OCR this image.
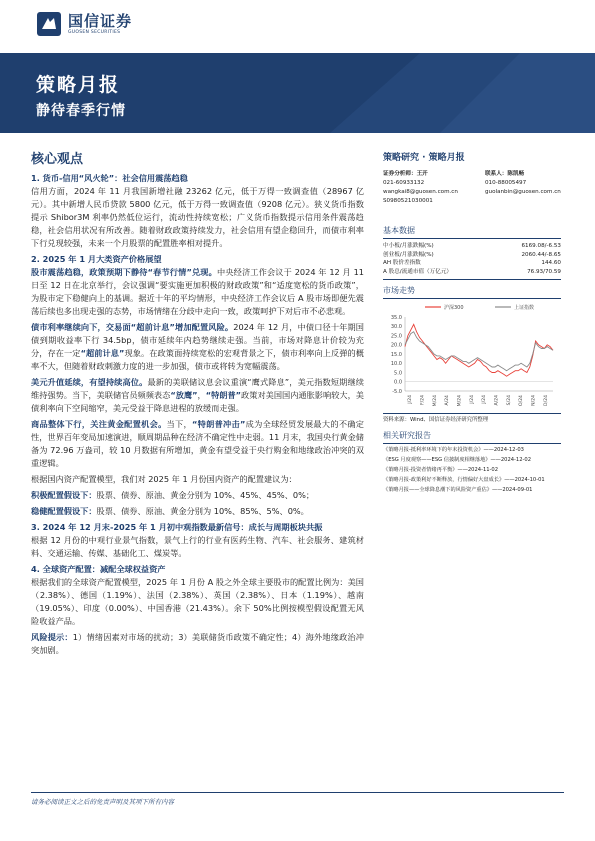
国信证券
GUOSEN SECURITIES
策略月报
静待春季行情
核心观点
1. 货币-信用“风火轮”：社会信用震荡趋稳

信用方面，2024 年 11 月我国新增社融 23262 亿元，低于万得一致调查值（28967 亿元）。其中新增人民币贷款 5800 亿元，低于万得一致调查值（9208 亿元）。狭义货币指数提示 Shibor3M 利率仍然低位运行，流动性持续宽松；广义货币指数提示信用条件震荡趋稳，社会信用状况有所改善。随着财政政策持续发力，社会信用有望企稳回升，而债市利率下行兑现较强，未来一个月股票的配置胜率相对提升。

2. 2025 年 1 月大类资产价格展望

股市震荡趋稳，政策预期下静待“春节行情”兑现。中央经济工作会议于 2024 年 12 月 11 日至 12 日在北京举行，会议强调“要实施更加积极的财政政策”和“适度宽松的货币政策”，为股市定下稳健向上的基调。据近十年的平均情形，中央经济工作会议后 A 股市场即便先震荡后续也多出现走强的态势，市场情绪在分歧中走向一致，政策呵护下对后市不必悲观。

债市利率继续向下，交易面“超前计息”增加配置风险。2024 年 12 月，中债口径十年期国债到期收益率下行 34.5bp，债市延续年内趋势继续走强。当前，市场对降息计价较为充分，存在一定“超前计息”现象。在政策面持续宽松的宏观背景之下，债市利率向上反弹的概率不大，但随着财政刺激力度的进一步加强，债市或将转为宽幅震荡。

美元升值延续，有望持续高位。最新的美联储议息会议重演“鹰式降息”，美元指数短期继续维持强势。当下，美联储官员频频表态“放鹰”，“特朗普”政策对美国国内通胀影响较大，美债利率向下空间缩窄，美元受益于降息进程的放缓而走强。

商品整体下行，关注黄金配置机会。当下，“特朗普冲击”成为全球经贸发展最大的不确定性，世界百年变局加速演进，顺周期品种在经济不确定性中走弱。11 月末，我国央行黄金储备为 72.96 万盎司，较 10 月数据有所增加，黄金有望受益于央行购金和地缘政治冲突的双重逻辑。

根据国内资产配置模型，我们对 2025 年 1 月份国内资产的配置建议为：

积极配置假设下：股票、债券、原油、黄金分别为 10%、45%、45%、0%；

稳健配置假设下：股票、债券、原油、黄金分别为 10%、85%、5%、0%。

3. 2024 年 12 月末-2025 年 1 月初中观指数最新信号：成长与周期板块共振

根据 12 月份的中观行业景气指数，景气上行的行业有医药生物、汽车、社会服务、建筑材料、交通运输、传媒、基础化工、煤炭等。

4. 全球资产配置：减配全球权益资产

根据我们的全球资产配置模型，2025 年 1 月份 A 股之外全球主要股市的配置比例为：美国（2.38%）、德国（1.19%）、法国（2.38%）、英国（2.38%）、日本（1.19%）、越南（19.05%）、印度（0.00%）、中国香港（21.43%）。余下 50%比例按模型假设配置无风险收益产品。

风险提示：1）情绪因素对市场的扰动；3）美联储货币政策不确定性；4）海外地缘政治冲突加剧。

策略研究 · 策略月报
证券分析师：王开
021-60933132
wangkai8@guosen.com.cn
S0980521030001
联系人：陈凯畅
010-88005497
guolanbin@guosen.com.cn
基本数据
中小板/月涨跌幅(%)	6169.08/-6.53
创业板/月涨跌幅(%)	2060.44/-8.65
AH 股价差指数	144.60
A 股总/流通市值（万亿元）	76.93/70.59
市场走势
沪深300	上证指数
35.0
30.0
25.0
20.0
15.0
10.0
5.0
0.0
-5.0
J/24 F/24 M/24 A/24 M/24 J/24 J/24 A/24 S/24 O/24 N/24 D/24
资料来源：Wind、国信证券经济研究所整理
相关研究报告
《策略月报-抵利率环境下的年末投资机会》——2024-12-03
《ESG 月度观察——ESG 信披制度相继落地》——2024-12-02
《策略月报-投资者情绪再平衡》——2024-11-02
《策略月报-政策利好不断释放，行情偏好大盘成长》——2024-10-01
《策略月报——全球降息潮下的风险资产重估》——2024-09-01
请务必阅读正文之后的免责声明及其项下所有内容
